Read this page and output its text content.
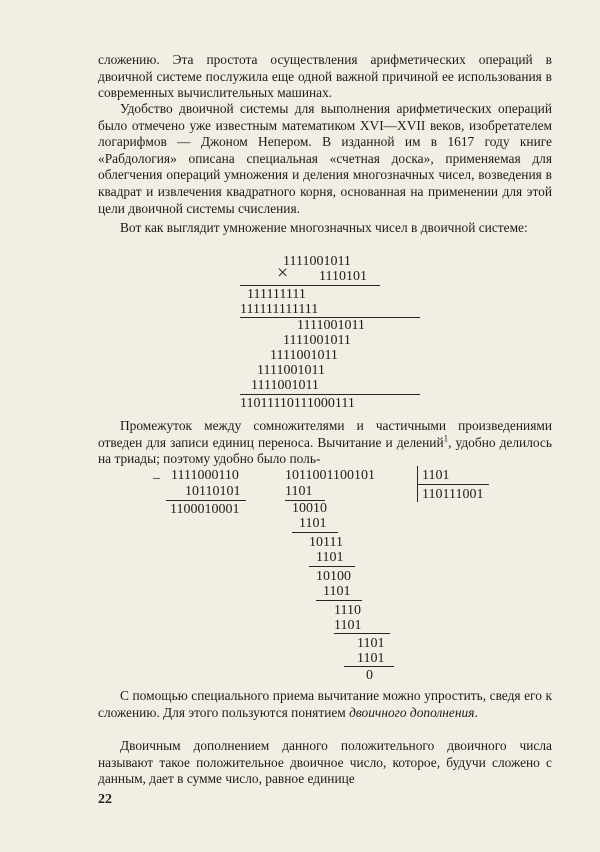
сложению. Эта простота осуществления арифметических операций в двоичной системе послужила еще одной важной причиной ее использования в современных вычислительных машинах.

Удобство двоичной системы для выполнения арифметических операций было отмечено уже известным математиком XVI—XVII веков, изобретателем логарифмов — Джоном Непером. В изданной им в 1617 году книге «Рабдология» описана специальная «счетная доска», применяемая для облегчения операций умножения и деления многозначных чисел, возведения в квадрат и извлечения квадратного корня, основанная на применении для этой цели двоичной системы счисления.

Вот как выглядит умножение многозначных чисел в двоичной системе:

1111001011
× 1110101
111111111
111111111111
1111001011
1111001011
1111001011
1111001011
1111001011
11011110111000111

Промежуток между сомножителями и частичными произведениями отведен для записи единиц переноса. Вычитание и делений$^1$, удобно делилось на триады; поэтому удобно было поль-

_ 1111000110
10110101
1100010001
1011001100101	1101
110111001
1101
10010
1101
10111
1101
10100
1101
1110
1101
1101
1101
0

С помощью специального приема вычитание можно упростить, сведя его к сложению. Для этого пользуются понятием двоичного дополнения.

Двоичным дополнением данного положительного двоичного числа называют такое положительное двоичное число, которое, будучи сложено с данным, дает в сумме число, равное единице

22
